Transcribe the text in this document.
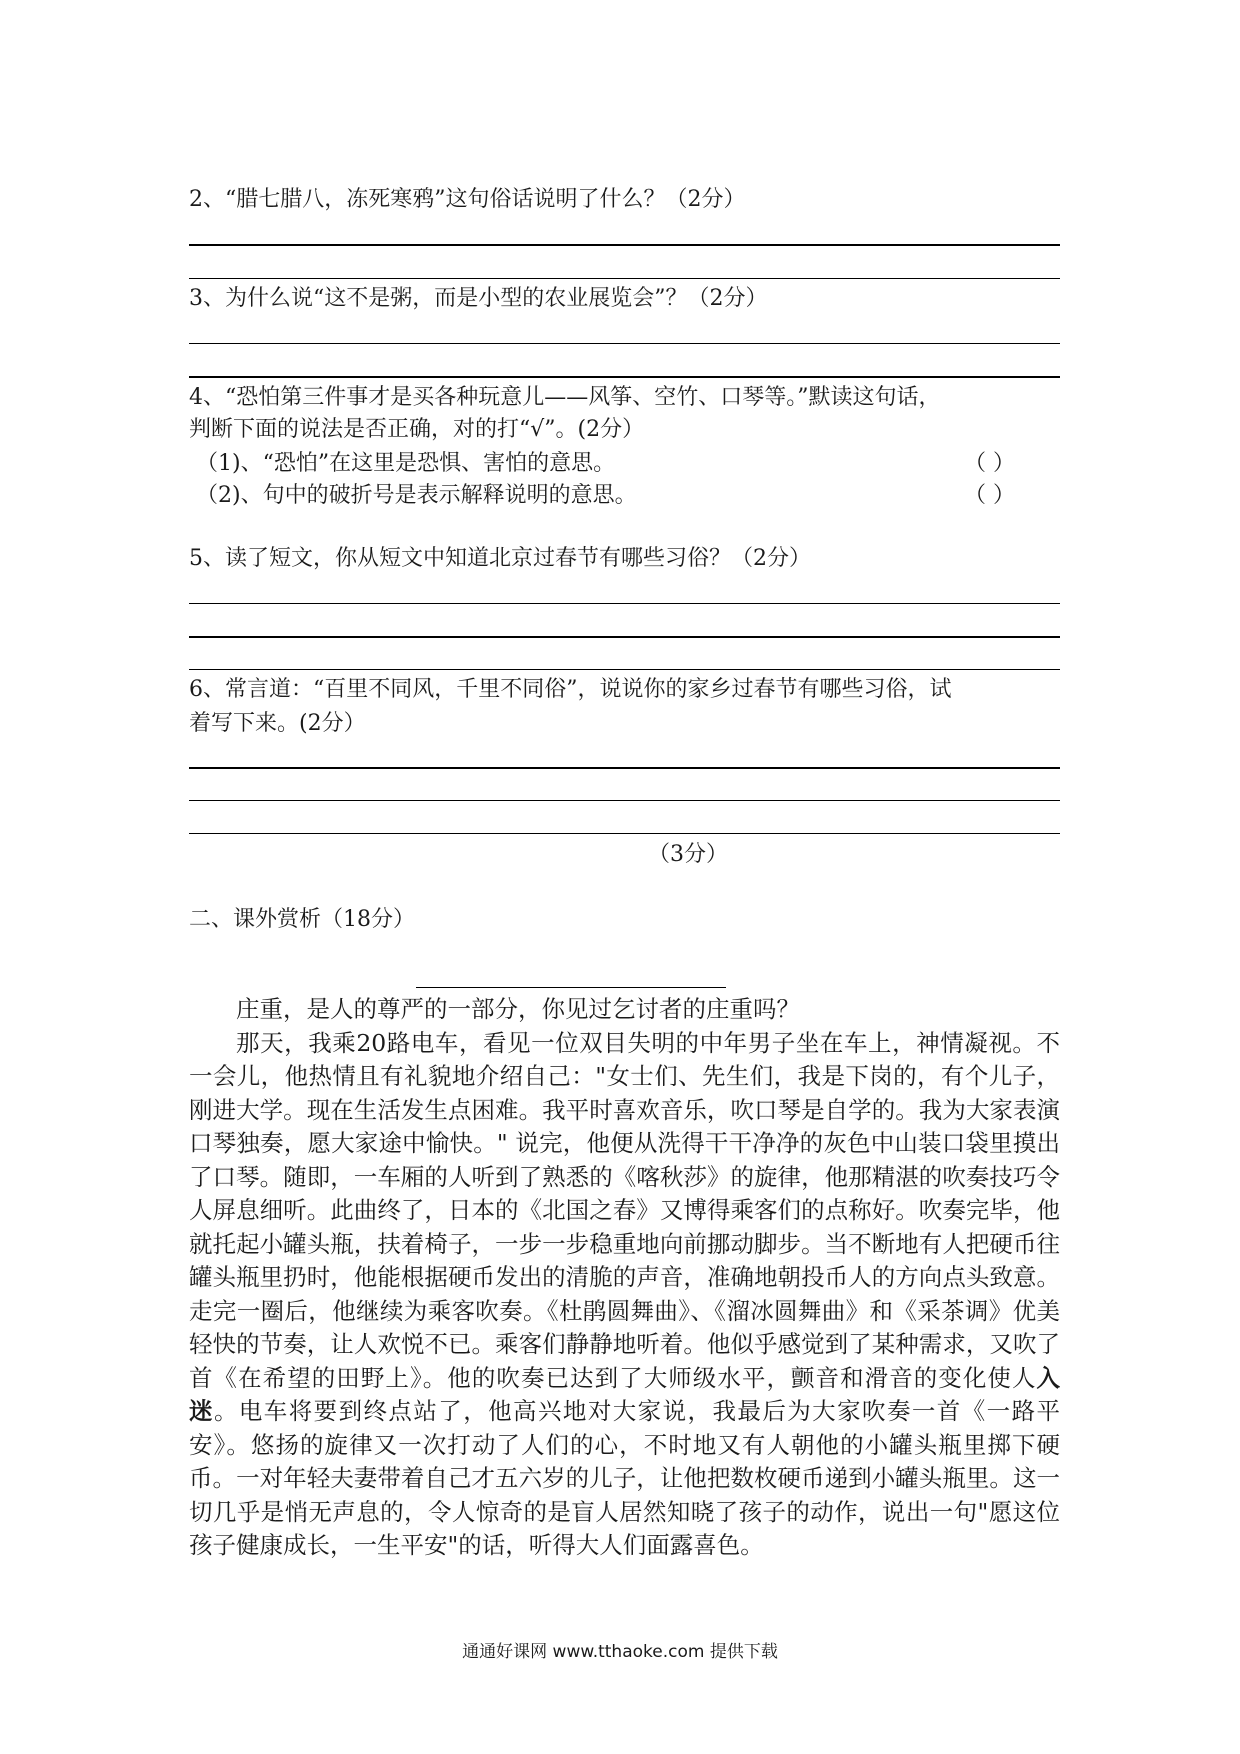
2、“腊七腊八，冻死寒鸦”这句俗话说明了什么？（2分）
3、为什么说“这不是粥，而是小型的农业展览会”？（2分）
4、“恐怕第三件事才是买各种玩意儿——风筝、空竹、口琴等。”默读这句话，
判断下面的说法是否正确，对的打“√”。(2分）
（1)、“恐怕”在这里是恐惧、害怕的意思。	（ ）
（2)、句中的破折号是表示解释说明的意思。	（ ）
5、读了短文，你从短文中知道北京过春节有哪些习俗？（2分）
6、常言道：“百里不同风，千里不同俗”，说说你的家乡过春节有哪些习俗，试
着写下来。(2分）
（3分）
二、课外赏析（18分）

庄重，是人的尊严的一部分，你见过乞讨者的庄重吗？

那天，我乘20路电车，看见一位双目失明的中年男子坐在车上，神情凝视。不一会儿，他热情且有礼貌地介绍自己："女士们、先生们，我是下岗的，有个儿子，刚进大学。现在生活发生点困难。我平时喜欢音乐，吹口琴是自学的。我为大家表演口琴独奏，愿大家途中愉快。" 说完，他便从洗得干干净净的灰色中山装口袋里摸出了口琴。随即，一车厢的人听到了熟悉的《喀秋莎》的旋律，他那精湛的吹奏技巧令人屏息细听。此曲终了，日本的《北国之春》又博得乘客们的点称好。吹奏完毕，他就托起小罐头瓶，扶着椅子，一步一步稳重地向前挪动脚步。当不断地有人把硬币往罐头瓶里扔时，他能根据硬币发出的清脆的声音，准确地朝投币人的方向点头致意。走完一圈后，他继续为乘客吹奏。《杜鹃圆舞曲》、《溜冰圆舞曲》和《采茶调》优美轻快的节奏，让人欢悦不已。乘客们静静地听着。他似乎感觉到了某种需求，又吹了首《在希望的田野上》。他的吹奏已达到了大师级水平，颤音和滑音的变化使人入迷。电车将要到终点站了，他高兴地对大家说，我最后为大家吹奏一首《一路平安》。悠扬的旋律又一次打动了人们的心，不时地又有人朝他的小罐头瓶里掷下硬币。一对年轻夫妻带着自己才五六岁的儿子，让他把数枚硬币递到小罐头瓶里。这一切几乎是悄无声息的，令人惊奇的是盲人居然知晓了孩子的动作，说出一句"愿这位孩子健康成长，一生平安"的话，听得大人们面露喜色。

通通好课网 www.tthaoke.com 提供下载
